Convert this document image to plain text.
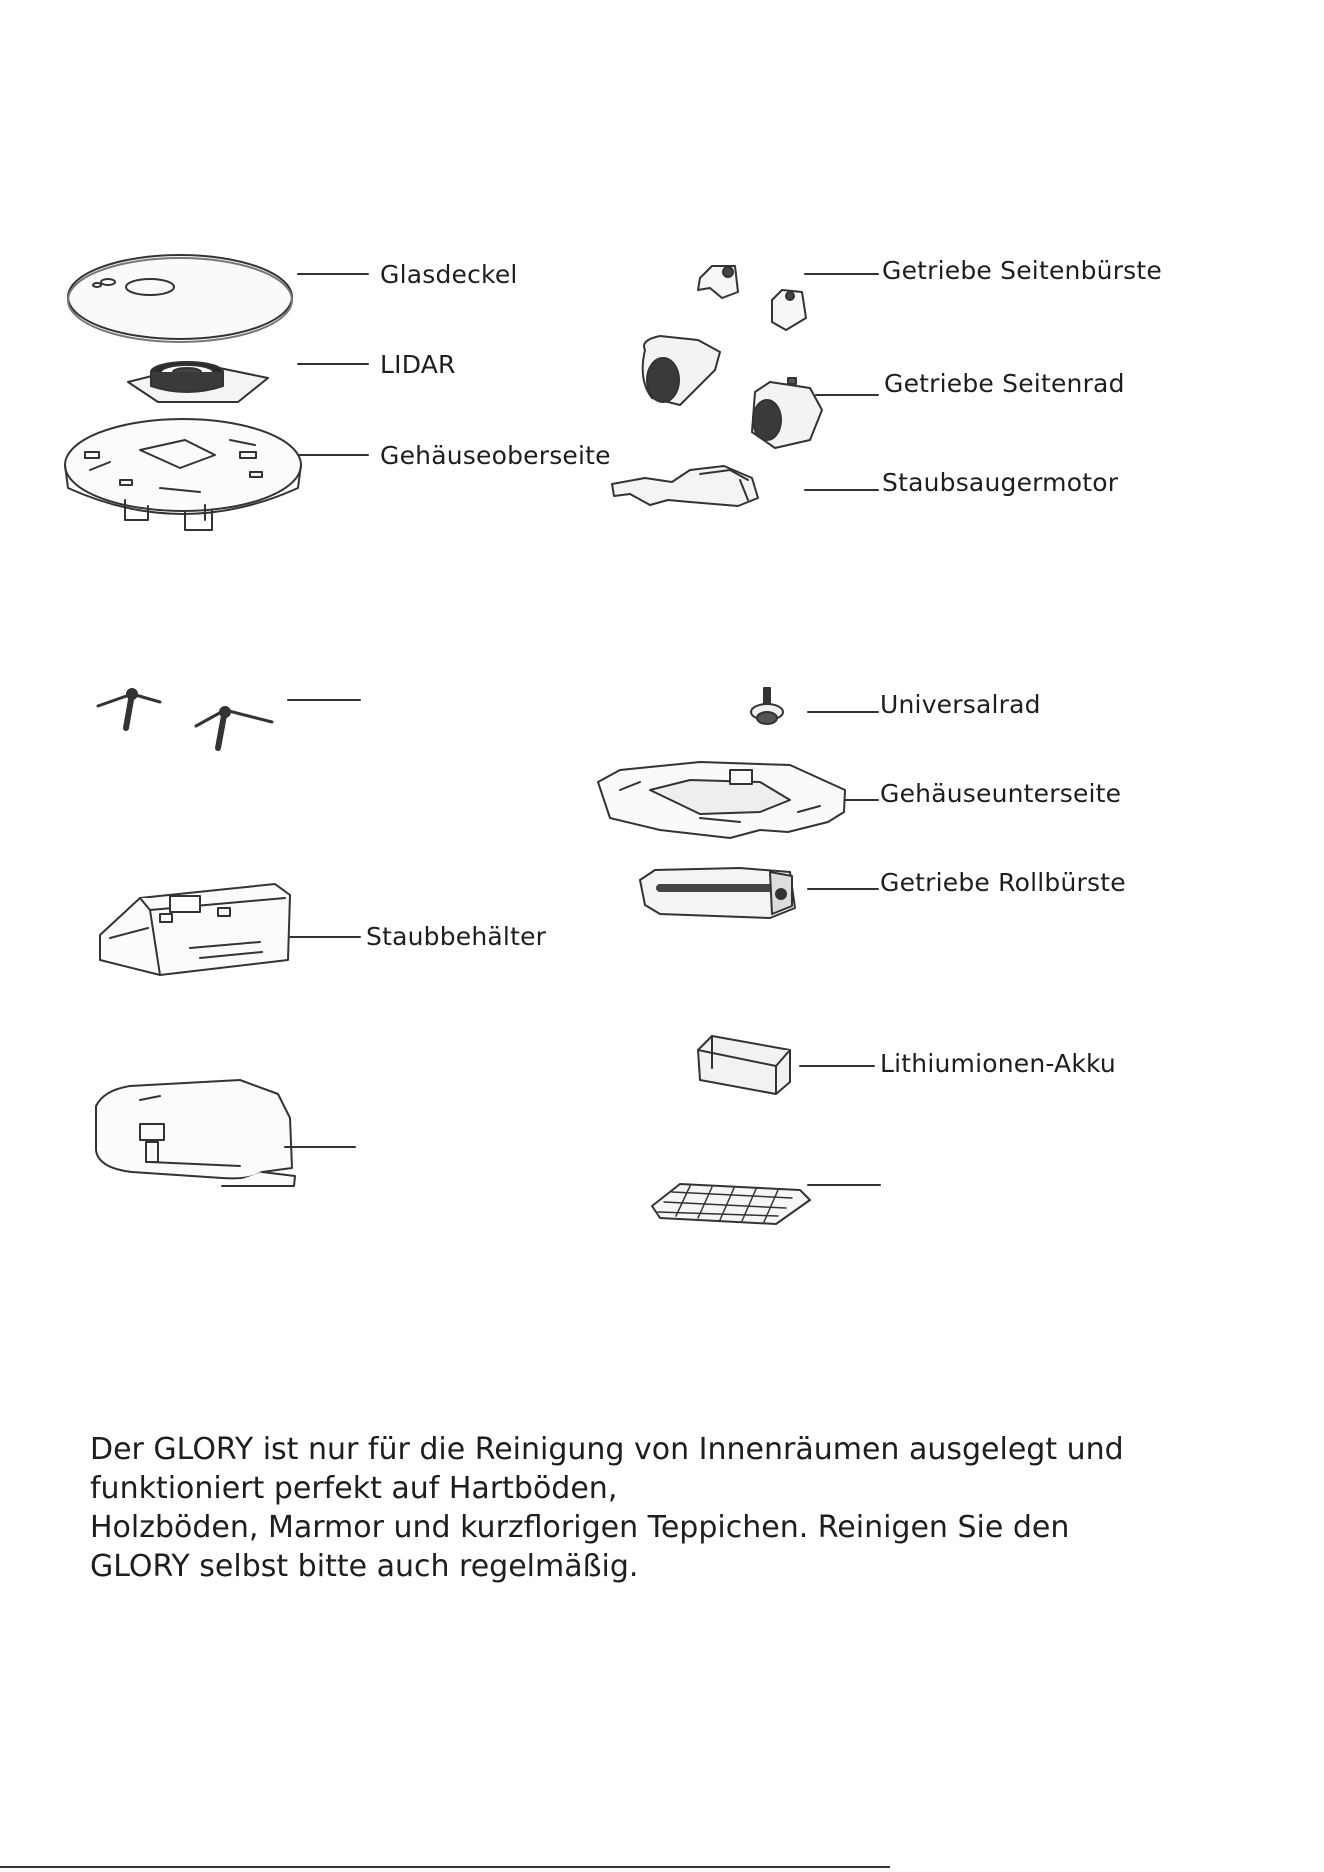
Glasdeckel
LIDAR
Gehäuseoberseite
Getriebe Seitenbürste
Getriebe Seitenrad
Staubsaugermotor
Universalrad
Gehäuseunterseite
Getriebe Rollbürste
Staubbehälter
Lithiumionen-Akku

Der GLORY ist nur für die Reinigung von Innenräumen ausgelegt und

funktioniert perfekt auf Hartböden,

Holzböden, Marmor und kurzflorigen Teppichen. Reinigen Sie den

GLORY selbst bitte auch regelmäßig.
